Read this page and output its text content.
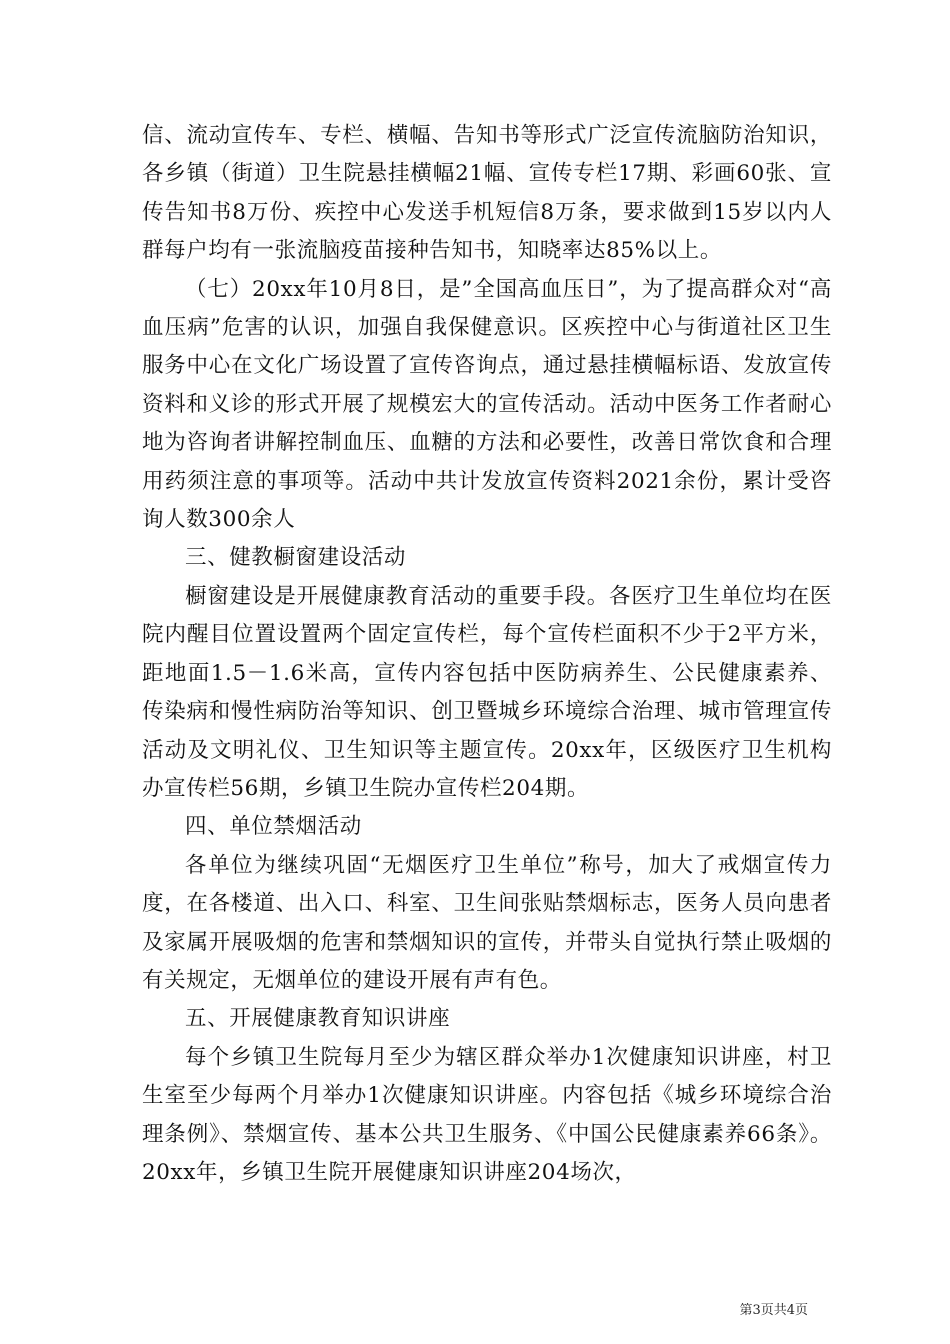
信、流动宣传车、专栏、横幅、告知书等形式广泛宣传流脑防治知识，各乡镇（街道）卫生院悬挂横幅21幅、宣传专栏17期、彩画60张、宣传告知书8万份、疾控中心发送手机短信8万条，要求做到15岁以内人群每户均有一张流脑疫苗接种告知书，知晓率达85%以上。

（七）20xx年10月8日，是”全国高血压日”，为了提高群众对“高血压病”危害的认识，加强自我保健意识。区疾控中心与街道社区卫生服务中心在文化广场设置了宣传咨询点，通过悬挂横幅标语、发放宣传资料和义诊的形式开展了规模宏大的宣传活动。活动中医务工作者耐心地为咨询者讲解控制血压、血糖的方法和必要性，改善日常饮食和合理用药须注意的事项等。活动中共计发放宣传资料2021余份，累计受咨询人数300余人

三、健教橱窗建设活动

橱窗建设是开展健康教育活动的重要手段。各医疗卫生单位均在医院内醒目位置设置两个固定宣传栏，每个宣传栏面积不少于2平方米，距地面1.5－1.6米高，宣传内容包括中医防病养生、公民健康素养、传染病和慢性病防治等知识、创卫暨城乡环境综合治理、城市管理宣传活动及文明礼仪、卫生知识等主题宣传。20xx年，区级医疗卫生机构办宣传栏56期，乡镇卫生院办宣传栏204期。

四、单位禁烟活动

各单位为继续巩固“无烟医疗卫生单位”称号，加大了戒烟宣传力度，在各楼道、出入口、科室、卫生间张贴禁烟标志，医务人员向患者及家属开展吸烟的危害和禁烟知识的宣传，并带头自觉执行禁止吸烟的有关规定，无烟单位的建设开展有声有色。

五、开展健康教育知识讲座

每个乡镇卫生院每月至少为辖区群众举办1次健康知识讲座，村卫生室至少每两个月举办1次健康知识讲座。内容包括《城乡环境综合治理条例》、禁烟宣传、基本公共卫生服务、《中国公民健康素养66条》。20xx年，乡镇卫生院开展健康知识讲座204场次，

第3页共4页
